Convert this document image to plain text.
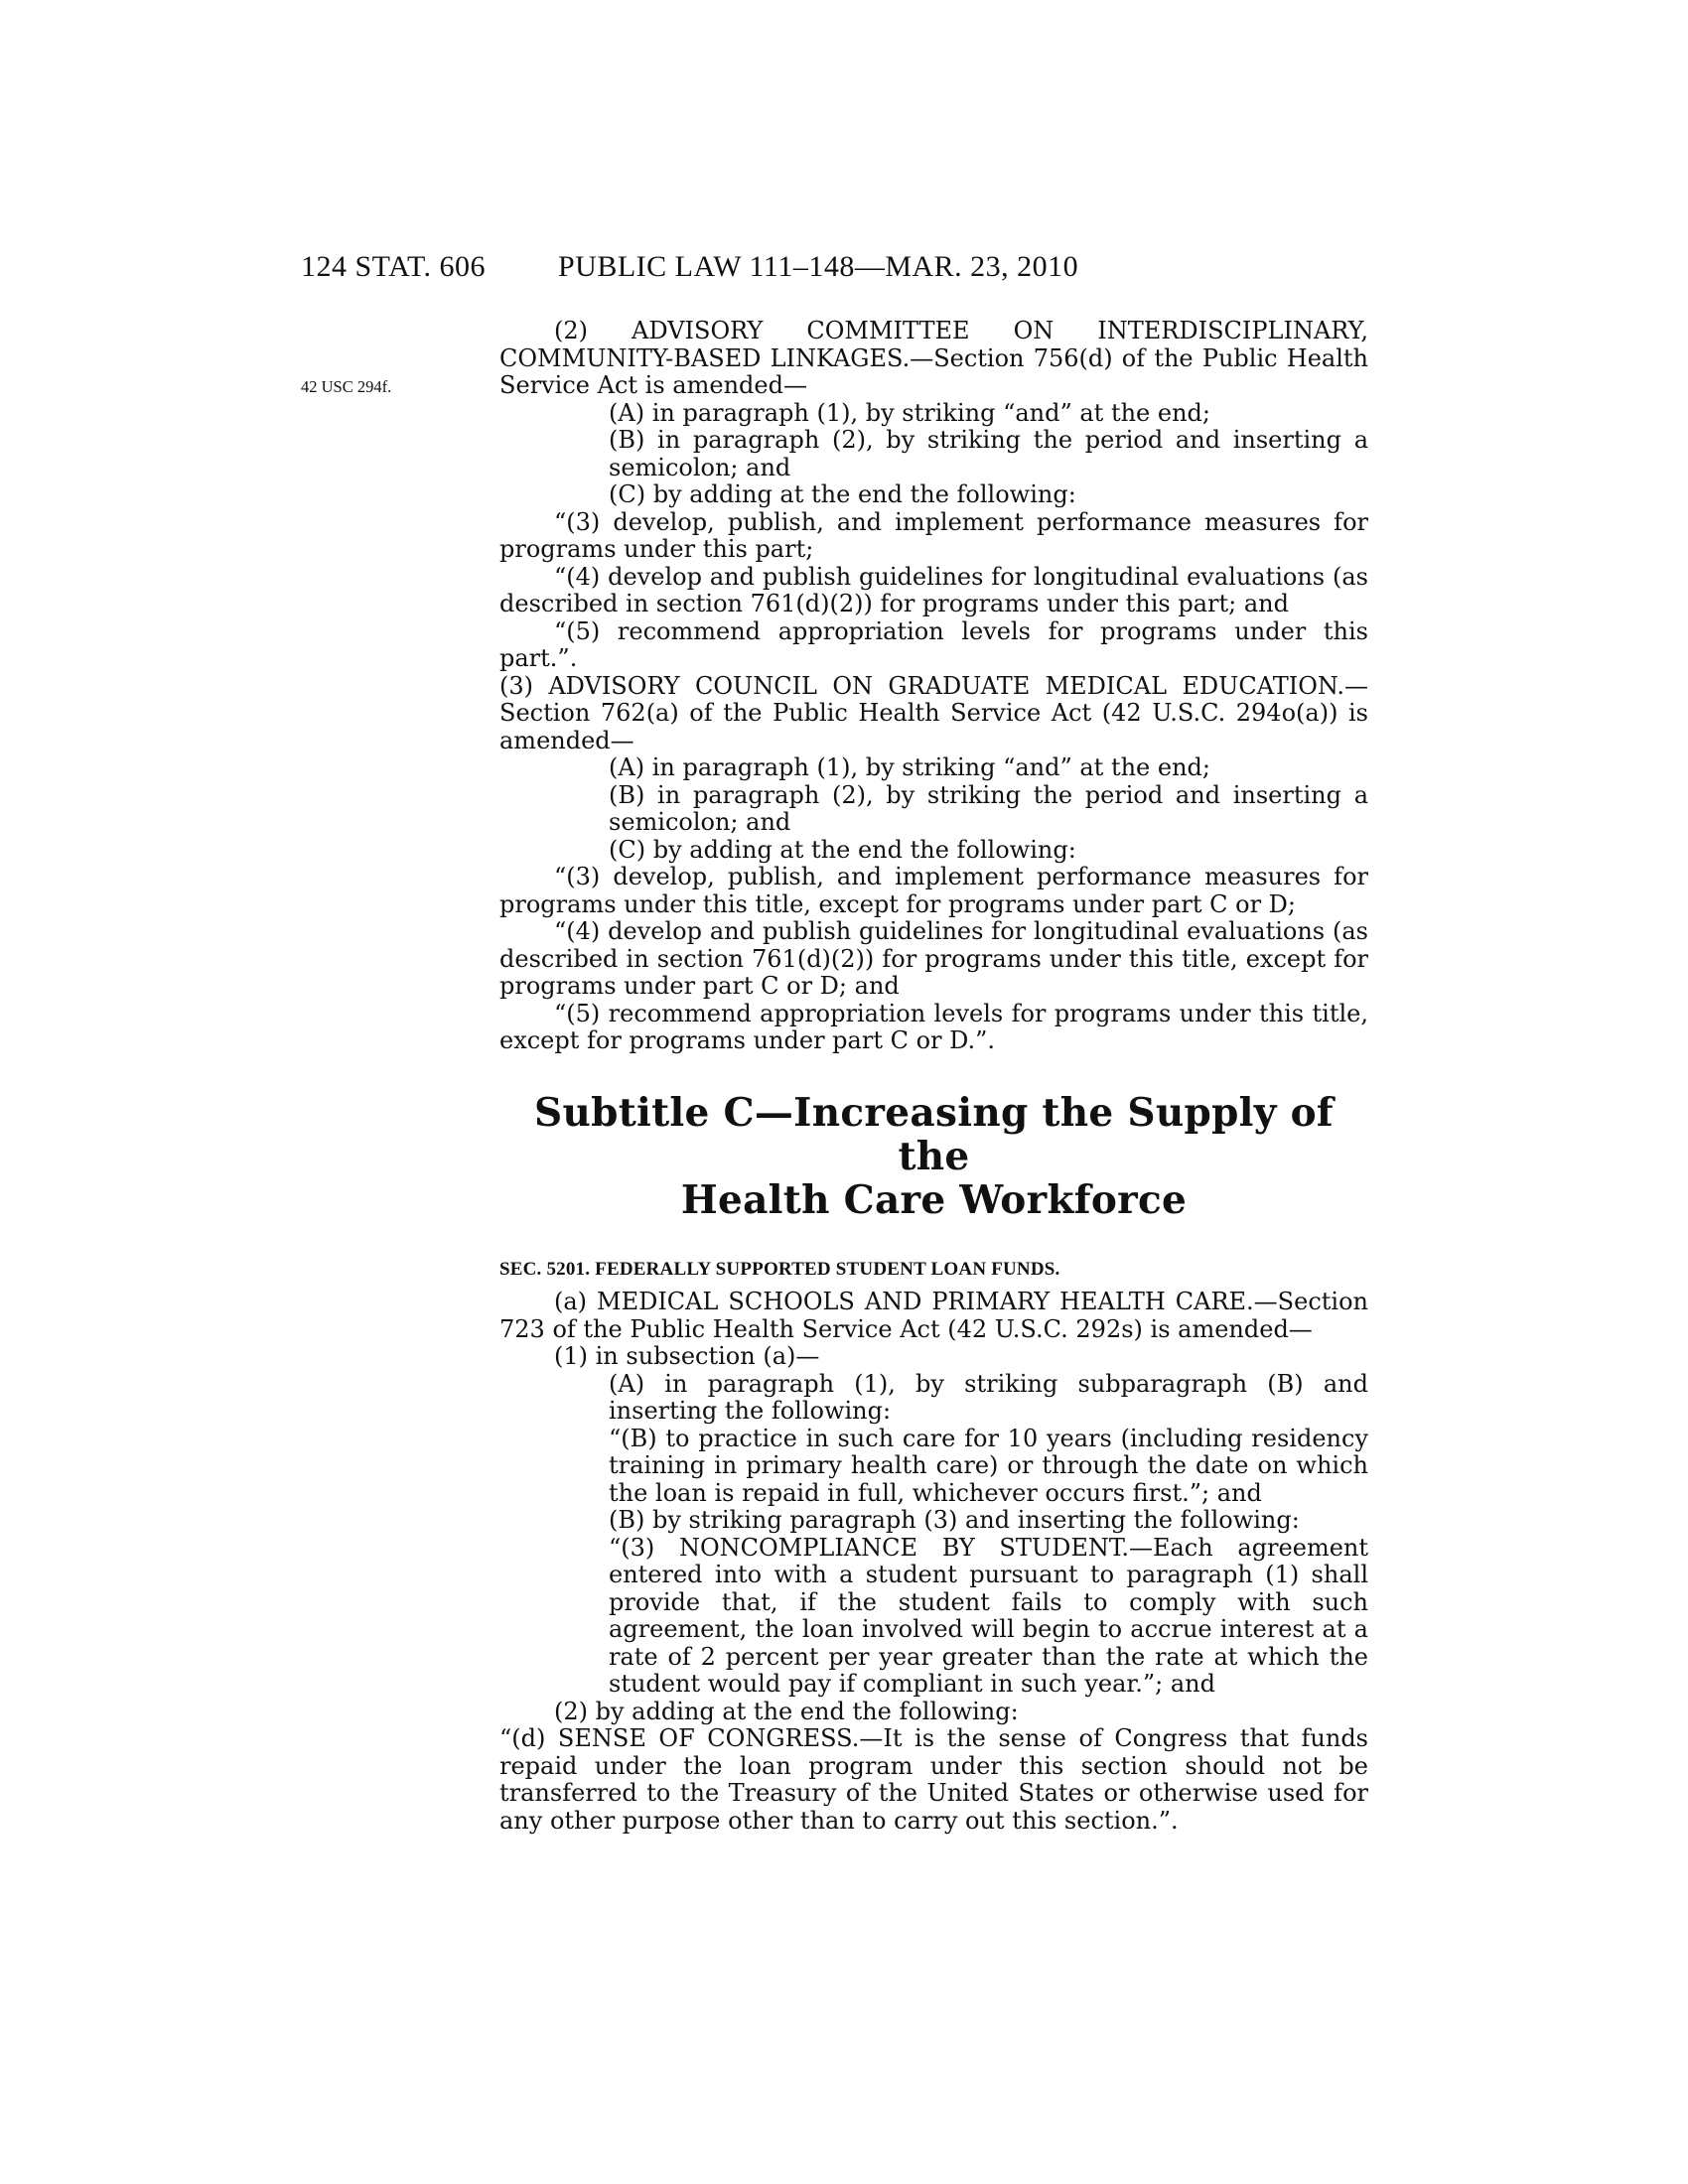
124 STAT. 606 PUBLIC LAW 111–148—MAR. 23, 2010
42 USC 294f.

(2) ADVISORY COMMITTEE ON INTERDISCIPLINARY, COMMUNITY-BASED LINKAGES.—Section 756(d) of the Public Health Service Act is amended—

(A) in paragraph (1), by striking “and” at the end;

(B) in paragraph (2), by striking the period and inserting a semicolon; and

(C) by adding at the end the following:

“(3) develop, publish, and implement performance measures for programs under this part;

“(4) develop and publish guidelines for longitudinal evaluations (as described in section 761(d)(2)) for programs under this part; and

“(5) recommend appropriation levels for programs under this part.”.

(3) ADVISORY COUNCIL ON GRADUATE MEDICAL EDUCATION.—Section 762(a) of the Public Health Service Act (42 U.S.C. 294o(a)) is amended—

(A) in paragraph (1), by striking “and” at the end;

(B) in paragraph (2), by striking the period and inserting a semicolon; and

(C) by adding at the end the following:

“(3) develop, publish, and implement performance measures for programs under this title, except for programs under part C or D;

“(4) develop and publish guidelines for longitudinal evaluations (as described in section 761(d)(2)) for programs under this title, except for programs under part C or D; and

“(5) recommend appropriation levels for programs under this title, except for programs under part C or D.”.

Subtitle C—Increasing the Supply of the
Health Care Workforce

SEC. 5201. FEDERALLY SUPPORTED STUDENT LOAN FUNDS.

(a) MEDICAL SCHOOLS AND PRIMARY HEALTH CARE.—Section 723 of the Public Health Service Act (42 U.S.C. 292s) is amended—

(1) in subsection (a)—

(A) in paragraph (1), by striking subparagraph (B) and inserting the following:

“(B) to practice in such care for 10 years (including residency training in primary health care) or through the date on which the loan is repaid in full, whichever occurs first.”; and

(B) by striking paragraph (3) and inserting the following:

“(3) NONCOMPLIANCE BY STUDENT.—Each agreement entered into with a student pursuant to paragraph (1) shall provide that, if the student fails to comply with such agreement, the loan involved will begin to accrue interest at a rate of 2 percent per year greater than the rate at which the student would pay if compliant in such year.”; and

(2) by adding at the end the following:

“(d) SENSE OF CONGRESS.—It is the sense of Congress that funds repaid under the loan program under this section should not be transferred to the Treasury of the United States or otherwise used for any other purpose other than to carry out this section.”.
